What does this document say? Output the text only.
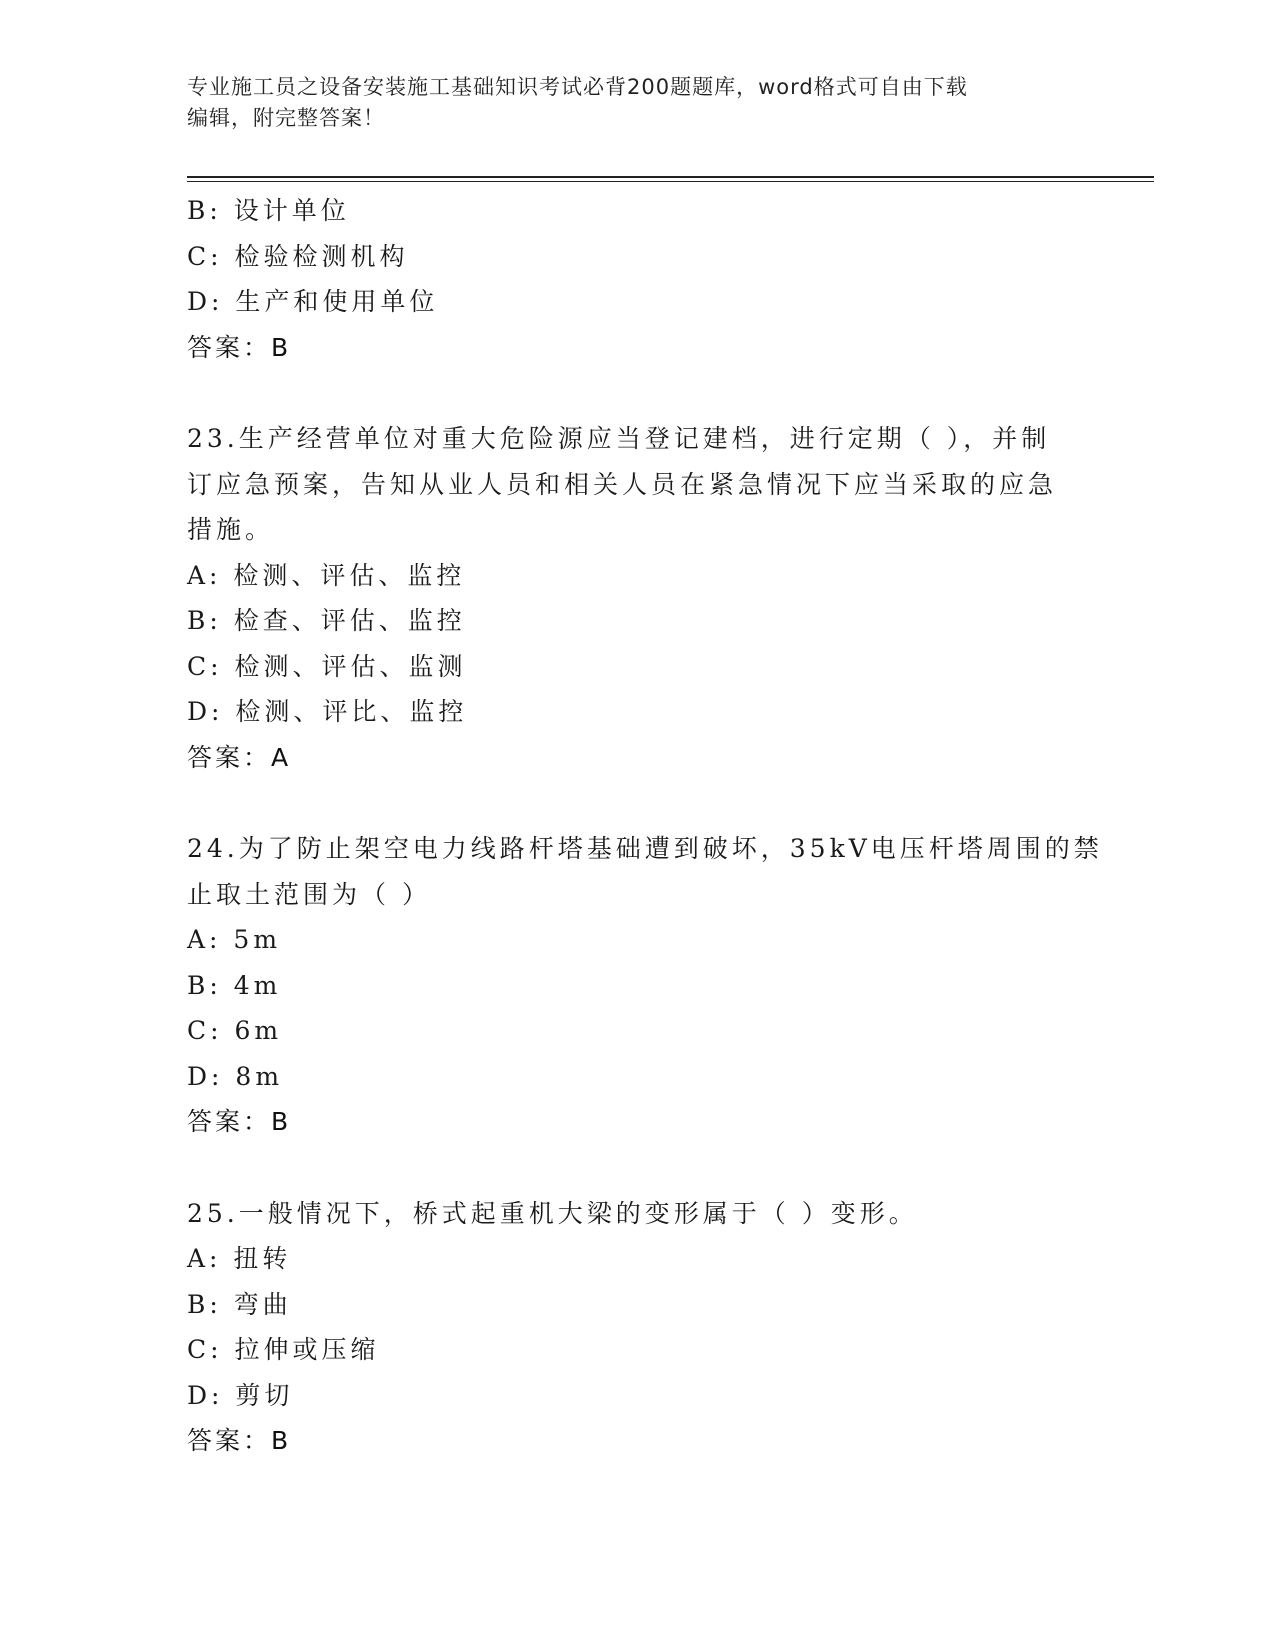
专业施工员之设备安装施工基础知识考试必背200题题库，word格式可自由下载
编辑，附完整答案！
B: 设计单位
C: 检验检测机构
D: 生产和使用单位
答案：B
23.生产经营单位对重大危险源应当登记建档，进行定期（ ），并制
订应急预案，告知从业人员和相关人员在紧急情况下应当采取的应急
措施。
A: 检测、评估、监控
B: 检查、评估、监控
C: 检测、评估、监测
D: 检测、评比、监控
答案：A
24.为了防止架空电力线路杆塔基础遭到破坏，35kV电压杆塔周围的禁
止取土范围为（ ）
A: 5m
B: 4m
C: 6m
D: 8m
答案：B
25.一般情况下，桥式起重机大梁的变形属于（ ）变形。
A: 扭转
B: 弯曲
C: 拉伸或压缩
D: 剪切
答案：B
